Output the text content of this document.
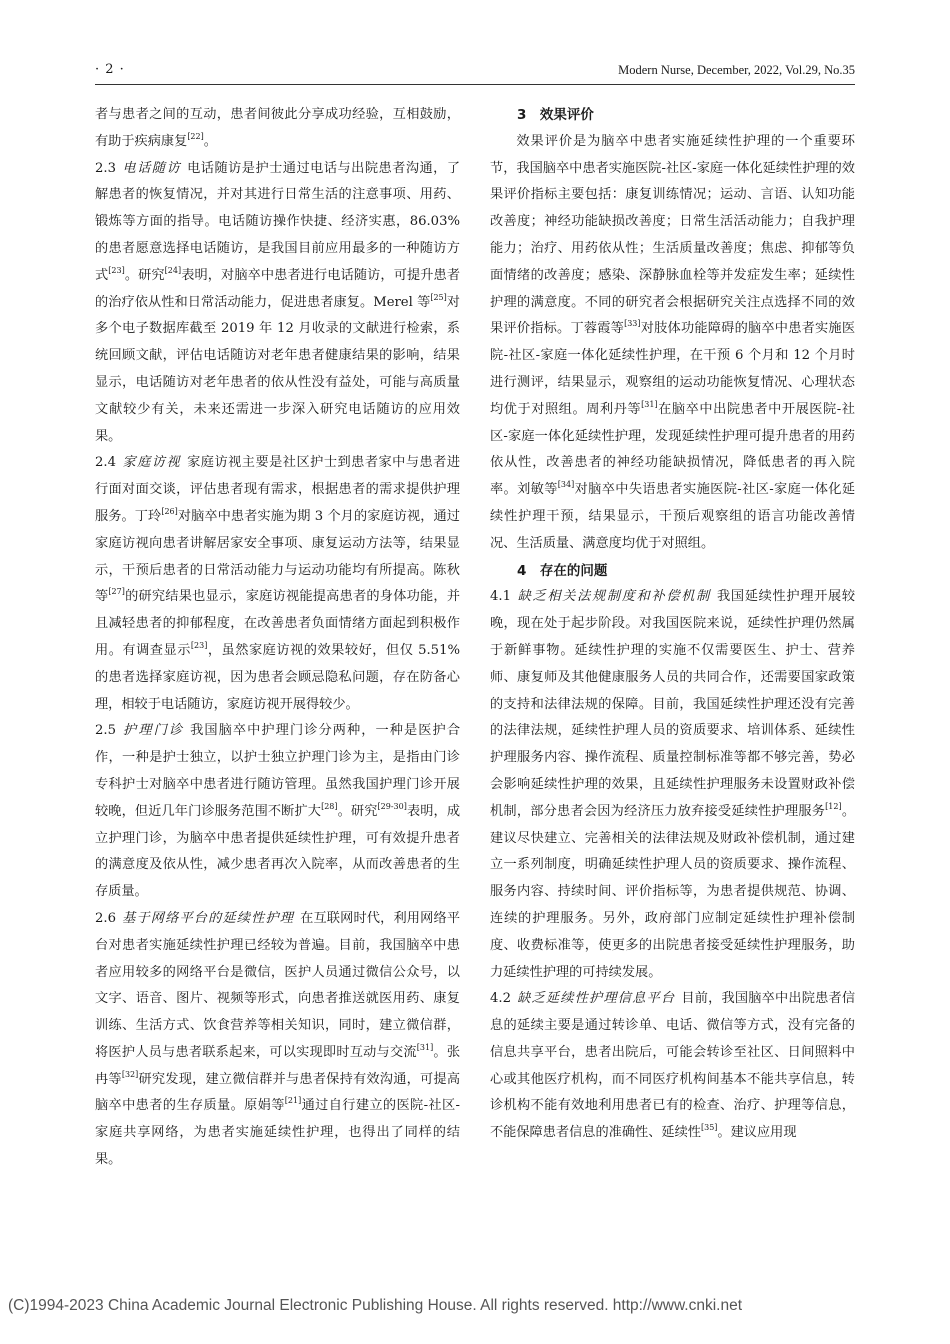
· 2 ·	Modern Nurse, December, 2022, Vol.29, No.35

者与患者之间的互动，患者间彼此分享成功经验，互相鼓励，有助于疾病康复[22]。

2.3 电话随访 电话随访是护士通过电话与出院患者沟通，了解患者的恢复情况，并对其进行日常生活的注意事项、用药、锻炼等方面的指导。电话随访操作快捷、经济实惠，86.03% 的患者愿意选择电话随访，是我国目前应用最多的一种随访方式[23]。研究[24]表明，对脑卒中患者进行电话随访，可提升患者的治疗依从性和日常活动能力，促进患者康复。Merel 等[25]对多个电子数据库截至 2019 年 12 月收录的文献进行检索，系统回顾文献，评估电话随访对老年患者健康结果的影响，结果显示，电话随访对老年患者的依从性没有益处，可能与高质量文献较少有关，未来还需进一步深入研究电话随访的应用效果。

2.4 家庭访视 家庭访视主要是社区护士到患者家中与患者进行面对面交谈，评估患者现有需求，根据患者的需求提供护理服务。丁玲[26]对脑卒中患者实施为期 3 个月的家庭访视，通过家庭访视向患者讲解居家安全事项、康复运动方法等，结果显示，干预后患者的日常活动能力与运动功能均有所提高。陈秋等[27]的研究结果也显示，家庭访视能提高患者的身体功能，并且减轻患者的抑郁程度，在改善患者负面情绪方面起到积极作用。有调查显示[23]，虽然家庭访视的效果较好，但仅 5.51% 的患者选择家庭访视，因为患者会顾忌隐私问题，存在防备心理，相较于电话随访，家庭访视开展得较少。

2.5 护理门诊 我国脑卒中护理门诊分两种，一种是医护合作，一种是护士独立，以护士独立护理门诊为主，是指由门诊专科护士对脑卒中患者进行随访管理。虽然我国护理门诊开展较晚，但近几年门诊服务范围不断扩大[28]。研究[29-30]表明，成立护理门诊，为脑卒中患者提供延续性护理，可有效提升患者的满意度及依从性，减少患者再次入院率，从而改善患者的生存质量。

2.6 基于网络平台的延续性护理 在互联网时代，利用网络平台对患者实施延续性护理已经较为普遍。目前，我国脑卒中患者应用较多的网络平台是微信，医护人员通过微信公众号，以文字、语音、图片、视频等形式，向患者推送就医用药、康复训练、生活方式、饮食营养等相关知识，同时，建立微信群，将医护人员与患者联系起来，可以实现即时互动与交流[31]。张冉等[32]研究发现，建立微信群并与患者保持有效沟通，可提高脑卒中患者的生存质量。原娟等[21]通过自行建立的医院-社区-家庭共享网络，为患者实施延续性护理，也得出了同样的结果。

3　效果评价

效果评价是为脑卒中患者实施延续性护理的一个重要环节，我国脑卒中患者实施医院-社区-家庭一体化延续性护理的效果评价指标主要包括：康复训练情况；运动、言语、认知功能改善度；神经功能缺损改善度；日常生活活动能力；自我护理能力；治疗、用药依从性；生活质量改善度；焦虑、抑郁等负面情绪的改善度；感染、深静脉血栓等并发症发生率；延续性护理的满意度。不同的研究者会根据研究关注点选择不同的效果评价指标。丁蓉霞等[33]对肢体功能障碍的脑卒中患者实施医院-社区-家庭一体化延续性护理，在干预 6 个月和 12 个月时进行测评，结果显示，观察组的运动功能恢复情况、心理状态均优于对照组。周利丹等[31]在脑卒中出院患者中开展医院-社区-家庭一体化延续性护理，发现延续性护理可提升患者的用药依从性，改善患者的神经功能缺损情况，降低患者的再入院率。刘敏等[34]对脑卒中失语患者实施医院-社区-家庭一体化延续性护理干预，结果显示，干预后观察组的语言功能改善情况、生活质量、满意度均优于对照组。

4　存在的问题

4.1 缺乏相关法规制度和补偿机制 我国延续性护理开展较晚，现在处于起步阶段。对我国医院来说，延续性护理仍然属于新鲜事物。延续性护理的实施不仅需要医生、护士、营养师、康复师及其他健康服务人员的共同合作，还需要国家政策的支持和法律法规的保障。目前，我国延续性护理还没有完善的法律法规，延续性护理人员的资质要求、培训体系、延续性护理服务内容、操作流程、质量控制标准等都不够完善，势必会影响延续性护理的效果，且延续性护理服务未设置财政补偿机制，部分患者会因为经济压力放弃接受延续性护理服务[12]。建议尽快建立、完善相关的法律法规及财政补偿机制，通过建立一系列制度，明确延续性护理人员的资质要求、操作流程、服务内容、持续时间、评价指标等，为患者提供规范、协调、连续的护理服务。另外，政府部门应制定延续性护理补偿制度、收费标准等，使更多的出院患者接受延续性护理服务，助力延续性护理的可持续发展。

4.2 缺乏延续性护理信息平台 目前，我国脑卒中出院患者信息的延续主要是通过转诊单、电话、微信等方式，没有完备的信息共享平台，患者出院后，可能会转诊至社区、日间照料中心或其他医疗机构，而不同医疗机构间基本不能共享信息，转诊机构不能有效地利用患者已有的检查、治疗、护理等信息，不能保障患者信息的准确性、延续性[35]。建议应用现

(C)1994-2023 China Academic Journal Electronic Publishing House. All rights reserved. http://www.cnki.net
